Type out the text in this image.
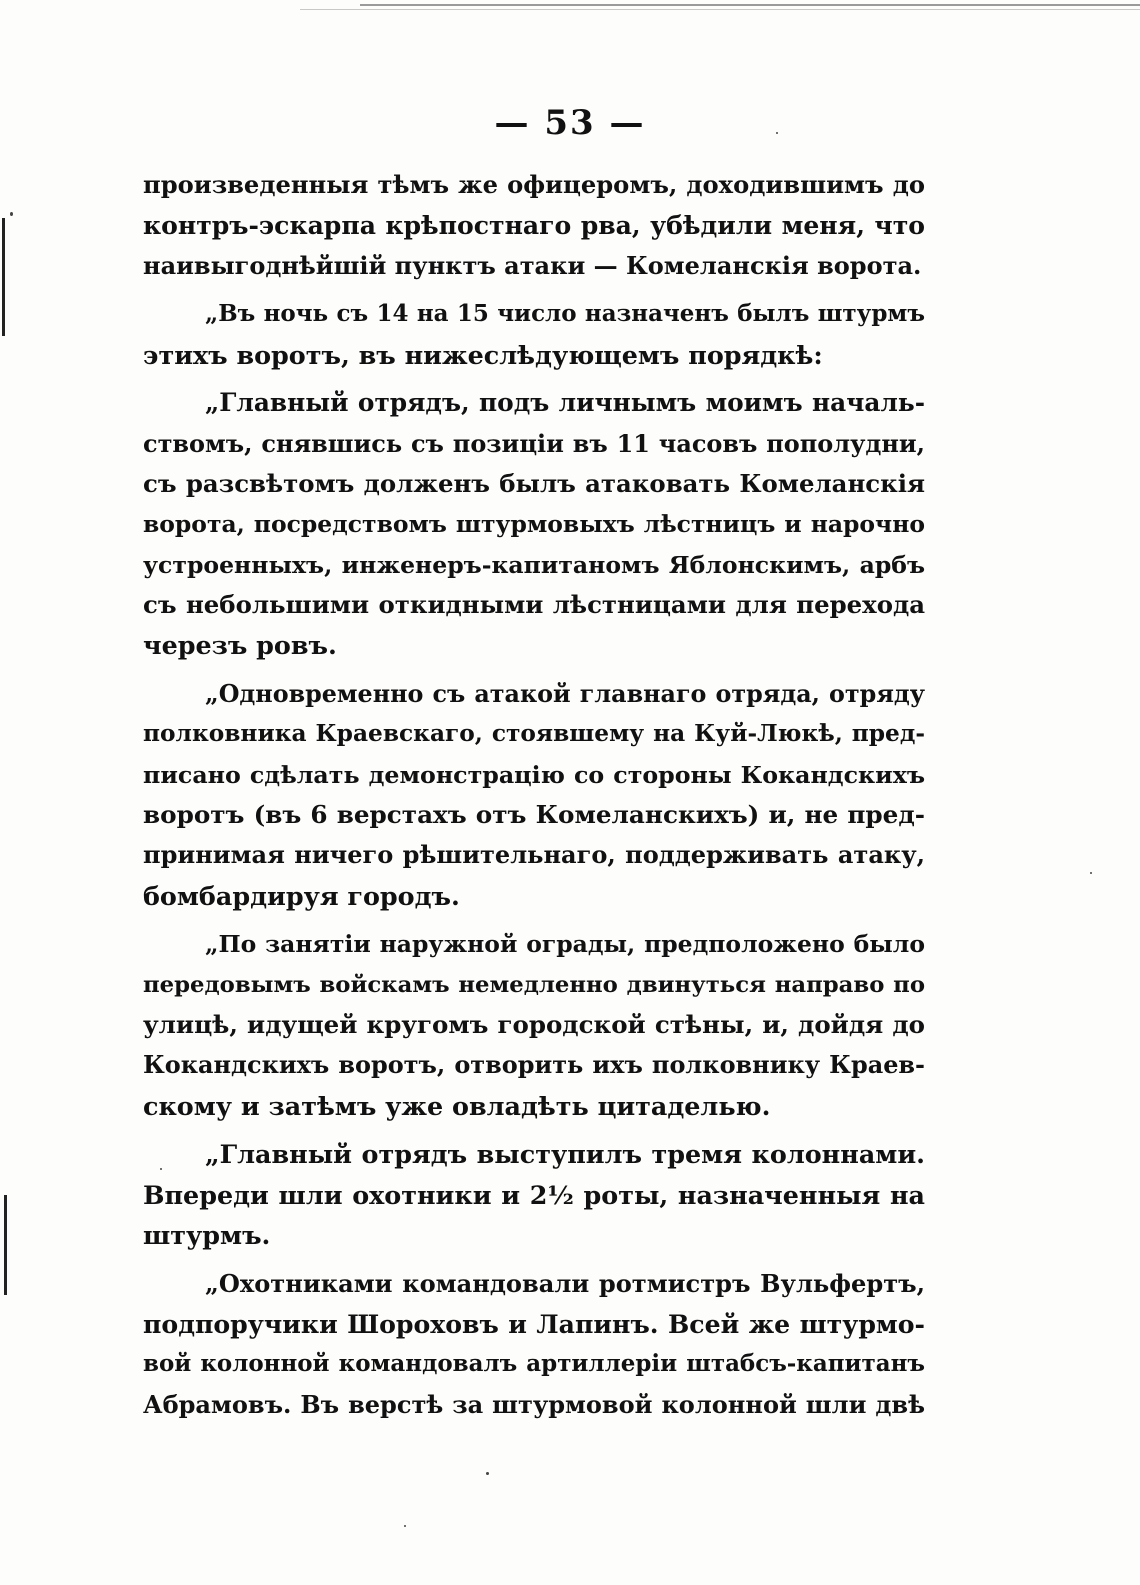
— 53 —
произведенныя тѣмъ же офицеромъ, доходившимъ до
контръ-эскарпа крѣпостнаго рва, убѣдили меня, что
наивыгоднѣйшій пунктъ атаки — Комеланскія ворота.
„Въ ночь съ 14 на 15 число назначенъ былъ штурмъ
этихъ воротъ, въ нижеслѣдующемъ порядкѣ:
„Главный отрядъ, подъ личнымъ моимъ началь-
ствомъ, снявшись съ позиціи въ 11 часовъ пополудни,
съ разсвѣтомъ долженъ былъ атаковать Комеланскія
ворота, посредствомъ штурмовыхъ лѣстницъ и нарочно
устроенныхъ, инженеръ-капитаномъ Яблонскимъ, арбъ
съ небольшими откидными лѣстницами для перехода
черезъ ровъ.
„Одновременно съ атакой главнаго отряда, отряду
полковника Краевскаго, стоявшему на Куй-Люкѣ, пред-
писано сдѣлать демонстрацію со стороны Кокандскихъ
воротъ (въ 6 верстахъ отъ Комеланскихъ) и, не пред-
принимая ничего рѣшительнаго, поддерживать атаку,
бомбардируя городъ.
„По занятіи наружной ограды, предположено было
передовымъ войскамъ немедленно двинуться направо по
улицѣ, идущей кругомъ городской стѣны, и, дойдя до
Кокандскихъ воротъ, отворить ихъ полковнику Краев-
скому и затѣмъ уже овладѣть цитаделью.
„Главный отрядъ выступилъ тремя колоннами.
Впереди шли охотники и 2½ роты, назначенныя на
штурмъ.
„Охотниками командовали ротмистръ Вульфертъ,
подпоручики Шороховъ и Лапинъ. Всей же штурмо-
вой колонной командовалъ артиллеріи штабсъ-капитанъ
Абрамовъ. Въ верстѣ за штурмовой колонной шли двѣ
